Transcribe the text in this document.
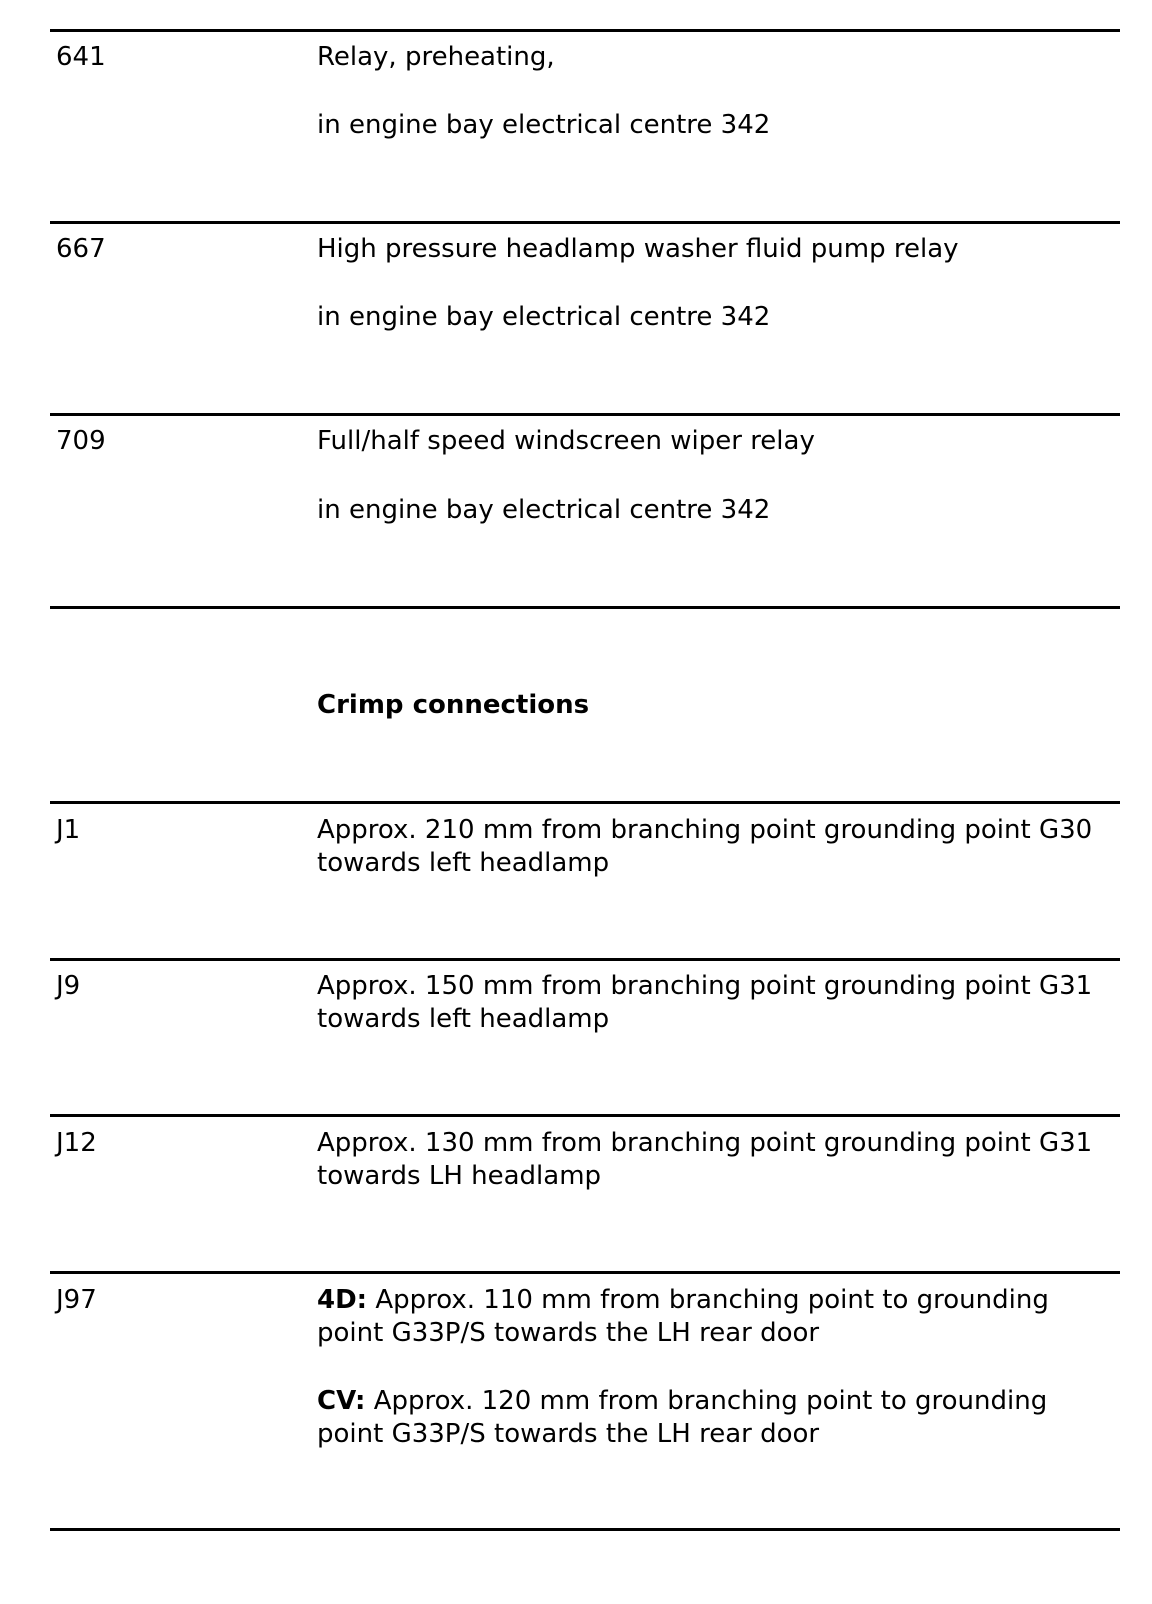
641	Relay, preheating,
in engine bay electrical centre 342
667	High pressure headlamp washer fluid pump relay
in engine bay electrical centre 342
709	Full/half speed windscreen wiper relay
in engine bay electrical centre 342
Crimp connections
J1	Approx. 210 mm from branching point grounding point G30 towards left headlamp
J9	Approx. 150 mm from branching point grounding point G31 towards left headlamp
J12	Approx. 130 mm from branching point grounding point G31 towards LH headlamp
J97	4D: Approx. 110 mm from branching point to grounding point G33P/S towards the LH rear door
CV: Approx. 120 mm from branching point to grounding point G33P/S towards the LH rear door
